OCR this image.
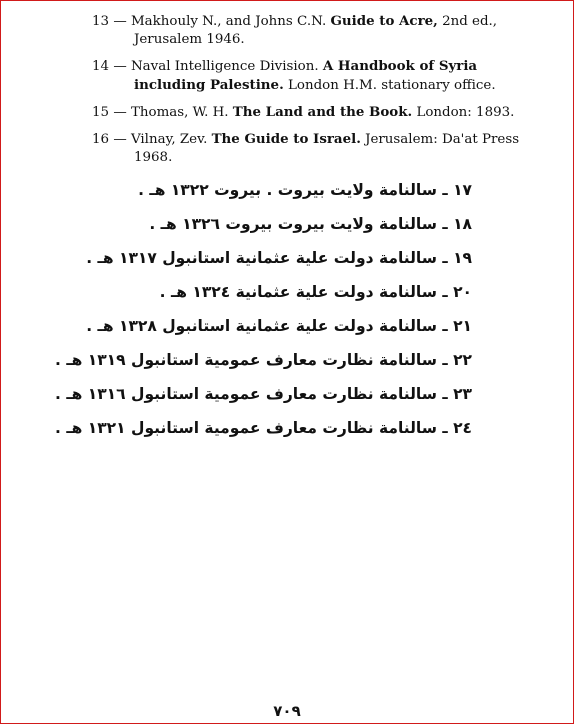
13 — Makhouly N., and Johns C.N. Guide to Acre, 2nd ed., Jerusalem 1946.

14 — Naval Intelligence Division. A Handbook of Syria including Palestine. London H.M. stationary office.

15 — Thomas, W. H. The Land and the Book. London: 1893.

16 — Vilnay, Zev. The Guide to Israel. Jerusalem: Da'at Press 1968.

١٧ ـ سالنامة ولايت بيروت . بيروت ١٣٢٢ هـ .

١٨ ـ سالنامة ولايت بيروت بيروت ١٣٢٦ هـ .

١٩ ـ سالنامة دولت علية عثمانية استانبول ١٣١٧ هـ .

٢٠ ـ سالنامة دولت علية عثمانية ١٣٢٤ هـ .

٢١ ـ سالنامة دولت علية عثمانية استانبول ١٣٢٨ هـ .

٢٢ ـ سالنامة نظارت معارف عمومية استانبول ١٣١٩ هـ .

٢٣ ـ سالنامة نظارت معارف عمومية استانبول ١٣١٦ هـ .

٢٤ ـ سالنامة نظارت معارف عمومية استانبول ١٣٢١ هـ .

٧٠٩
